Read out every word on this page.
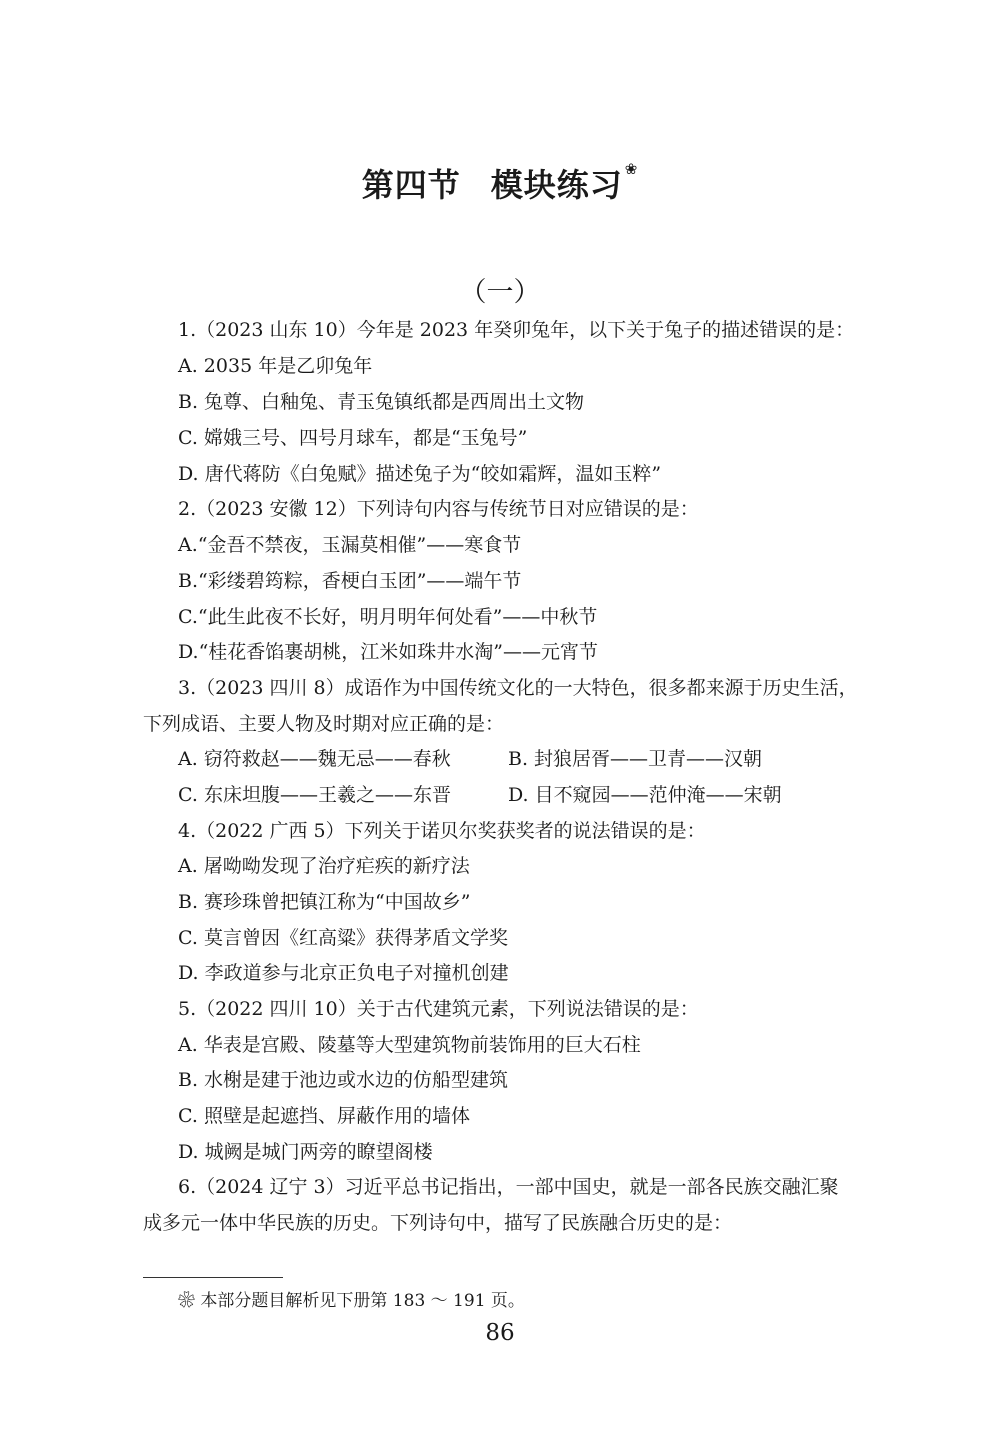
第四节 模块练习 ❀
（一）
1.（2023 山东 10）今年是 2023 年癸卯兔年，以下关于兔子的描述错误的是：
A. 2035 年是乙卯兔年
B. 兔尊、白釉兔、青玉兔镇纸都是西周出土文物
C. 嫦娥三号、四号月球车，都是“玉兔号”
D. 唐代蒋防《白兔赋》描述兔子为“皎如霜辉，温如玉粹”
2.（2023 安徽 12）下列诗句内容与传统节日对应错误的是：
A.“金吾不禁夜，玉漏莫相催”——寒食节
B.“彩缕碧筠粽，香梗白玉团”——端午节
C.“此生此夜不长好，明月明年何处看”——中秋节
D.“桂花香馅裹胡桃，江米如珠井水淘”——元宵节
3.（2023 四川 8）成语作为中国传统文化的一大特色，很多都来源于历史生活，
下列成语、主要人物及时期对应正确的是：
A. 窃符救赵——魏无忌——春秋	B. 封狼居胥——卫青——汉朝
C. 东床坦腹——王羲之——东晋	D. 目不窥园——范仲淹——宋朝
4.（2022 广西 5）下列关于诺贝尔奖获奖者的说法错误的是：
A. 屠呦呦发现了治疗疟疾的新疗法
B. 赛珍珠曾把镇江称为“中国故乡”
C. 莫言曾因《红高粱》获得茅盾文学奖
D. 李政道参与北京正负电子对撞机创建
5.（2022 四川 10）关于古代建筑元素，下列说法错误的是：
A. 华表是宫殿、陵墓等大型建筑物前装饰用的巨大石柱
B. 水榭是建于池边或水边的仿船型建筑
C. 照壁是起遮挡、屏蔽作用的墙体
D. 城阙是城门两旁的瞭望阁楼
6.（2024 辽宁 3）习近平总书记指出，一部中国史，就是一部各民族交融汇聚
成多元一体中华民族的历史。下列诗句中，描写了民族融合历史的是：
❀ 本部分题目解析见下册第 183 ～ 191 页。
86
